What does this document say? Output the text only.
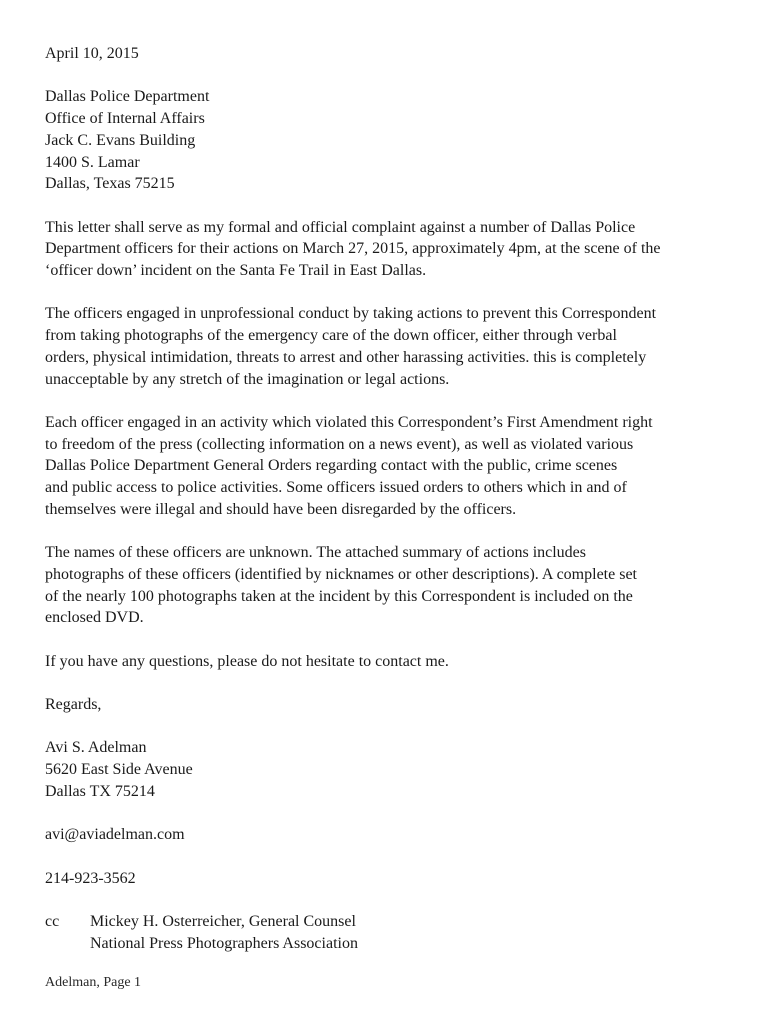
April 10, 2015
Dallas Police Department
Office of Internal Affairs
Jack C. Evans Building
1400 S. Lamar
Dallas, Texas 75215
This letter shall serve as my formal and official complaint against a number of Dallas Police
Department officers for their actions on March 27, 2015, approximately 4pm, at the scene of the
‘officer down’ incident on the Santa Fe Trail in East Dallas.
The officers engaged in unprofessional conduct by taking actions to prevent this Correspondent
from taking photographs of the emergency care of the down officer, either through verbal
orders, physical intimidation, threats to arrest and other harassing activities. this is completely
unacceptable by any stretch of the imagination or legal actions.
Each officer engaged in an activity which violated this Correspondent’s First Amendment right
to freedom of the press (collecting information on a news event), as well as violated various
Dallas Police Department General Orders regarding contact with the public, crime scenes
and public access to police activities. Some officers issued orders to others which in and of
themselves were illegal and should have been disregarded by the officers.
The names of these officers are unknown. The attached summary of actions includes
photographs of these officers (identified by nicknames or other descriptions). A complete set
of the nearly 100 photographs taken at the incident by this Correspondent is included on the
enclosed DVD.
If you have any questions, please do not hesitate to contact me.
Regards,
Avi S. Adelman
5620 East Side Avenue
Dallas TX 75214
avi@aviadelman.com
214-923-3562
cc	Mickey H. Osterreicher, General Counsel
National Press Photographers Association
Adelman, Page 1
